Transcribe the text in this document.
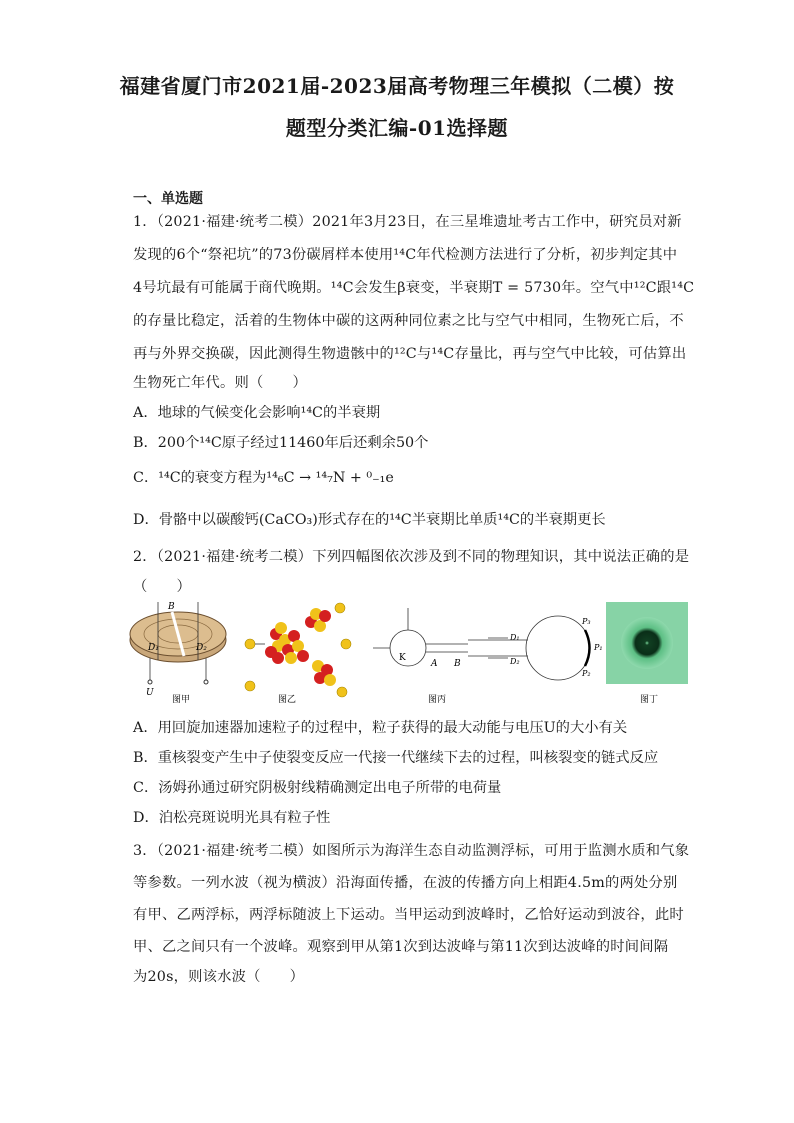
福建省厦门市2021届-2023届高考物理三年模拟（二模）按
题型分类汇编-01选择题
一、单选题
1．（2021·福建·统考二模）2021年3月23日，在三星堆遗址考古工作中，研究员对新
发现的6个“祭祀坑”的73份碳屑样本使用¹⁴C年代检测方法进行了分析，初步判定其中
4号坑最有可能属于商代晚期。¹⁴C会发生β衰变，半衰期T = 5730年。空气中¹²C跟¹⁴C
的存量比稳定，活着的生物体中碳的这两种同位素之比与空气中相同，生物死亡后，不
再与外界交换碳，因此测得生物遗骸中的¹²C与¹⁴C存量比，再与空气中比较，可估算出
生物死亡年代。则（　　）
A．地球的气候变化会影响¹⁴C的半衰期
B．200个¹⁴C原子经过11460年后还剩余50个
C．¹⁴C的衰变方程为¹⁴₆C → ¹⁴₇N + ⁰₋₁e
D．骨骼中以碳酸钙(CaCO₃)形式存在的¹⁴C半衰期比单质¹⁴C的半衰期更长
2．（2021·福建·统考二模）下列四幅图依次涉及到不同的物理知识，其中说法正确的是
（　　）
B
D₁	D₂
U
K
A B
D₁
D₂
P₃
P₁
P₂
图甲	图乙	图丙	图丁
A．用回旋加速器加速粒子的过程中，粒子获得的最大动能与电压U的大小有关
B．重核裂变产生中子使裂变反应一代接一代继续下去的过程，叫核裂变的链式反应
C．汤姆孙通过研究阴极射线精确测定出电子所带的电荷量
D．泊松亮斑说明光具有粒子性
3．（2021·福建·统考二模）如图所示为海洋生态自动监测浮标，可用于监测水质和气象
等参数。一列水波（视为横波）沿海面传播，在波的传播方向上相距4.5m的两处分别
有甲、乙两浮标，两浮标随波上下运动。当甲运动到波峰时，乙恰好运动到波谷，此时
甲、乙之间只有一个波峰。观察到甲从第1次到达波峰与第11次到达波峰的时间间隔
为20s，则该水波（　　）
